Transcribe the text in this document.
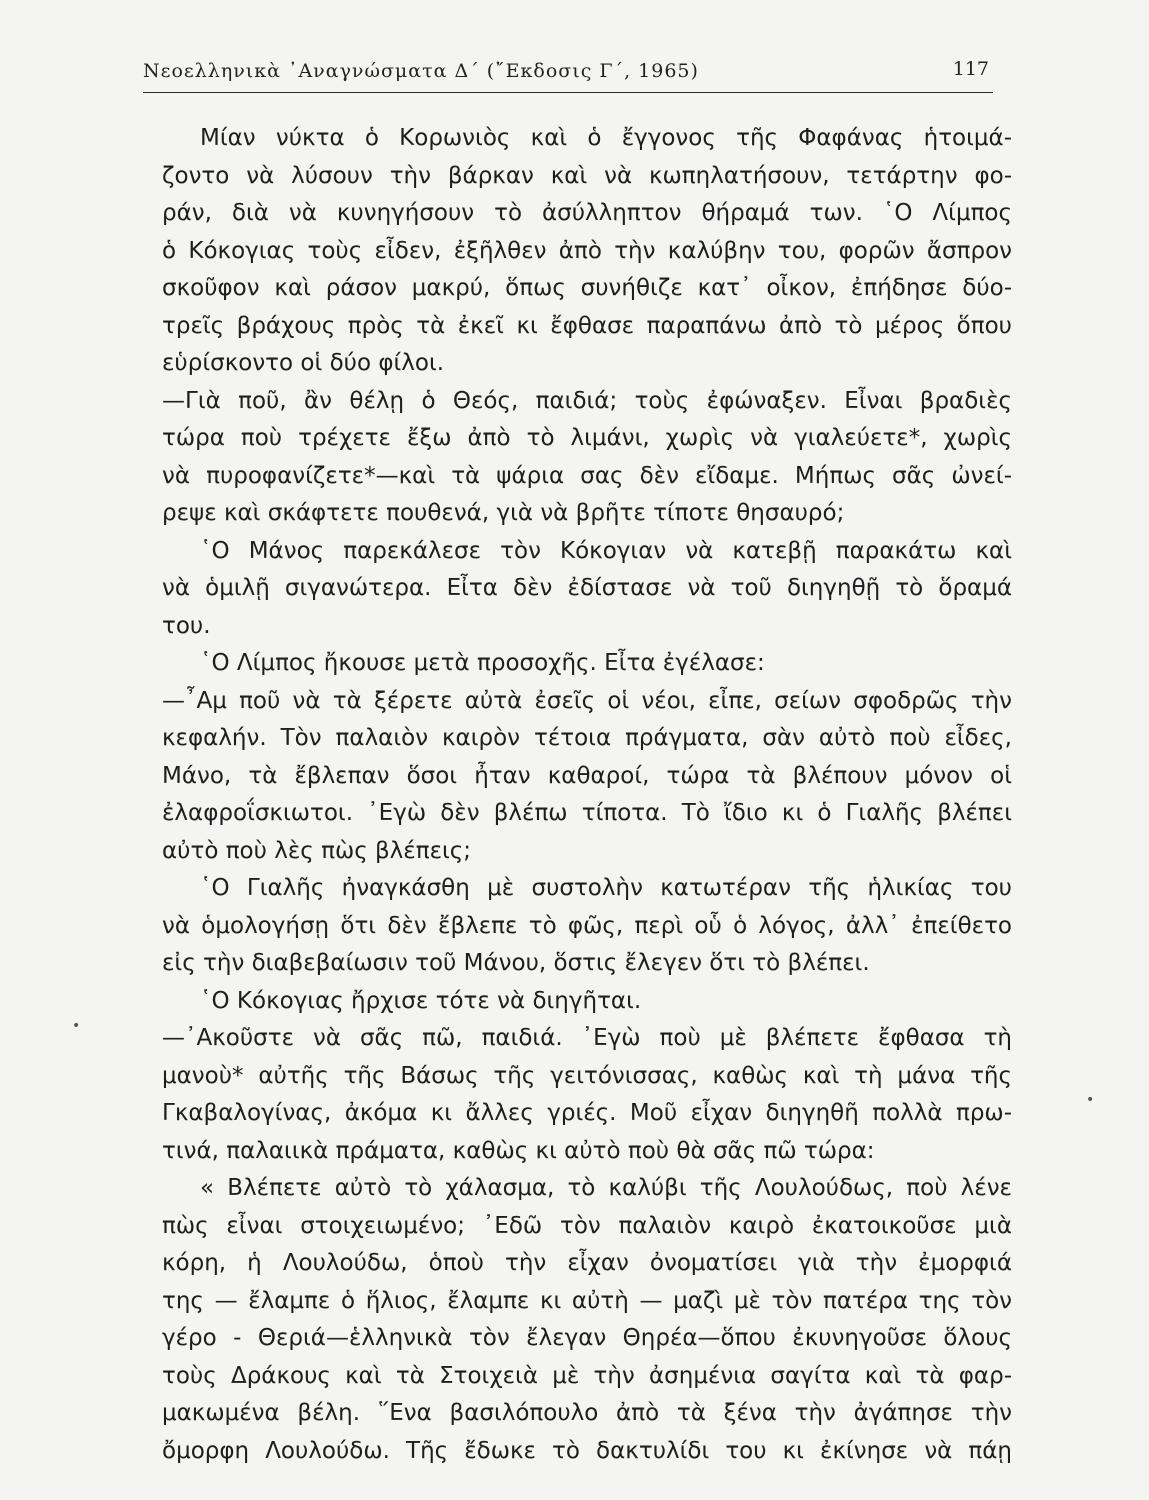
Νεοελληνικὰ ᾿Αναγνώσματα Δ΄ (῎Εκδοσις Γ΄, 1965)	117
Μίαν νύκτα ὁ Κορωνιὸς καὶ ὁ ἔγγονος τῆς Φαφάνας ἡτοιμά-
ζοντο νὰ λύσουν τὴν βάρκαν καὶ νὰ κωπηλατήσουν, τετάρτην φο-
ράν, διὰ νὰ κυνηγήσουν τὸ ἀσύλληπτον θήραμά των. ῾Ο Λίμπος
ὁ Κόκογιας τοὺς εἶδεν, ἐξῆλθεν ἀπὸ τὴν καλύβην του, φορῶν ἄσπρον
σκοῦφον καὶ ράσον μακρύ, ὅπως συνήθιζε κατ᾿ οἶκον, ἐπήδησε δύο-
τρεῖς βράχους πρὸς τὰ ἐκεῖ κι ἔφθασε παραπάνω ἀπὸ τὸ μέρος ὅπου
εὑρίσκοντο οἱ δύο φίλοι.
—Γιὰ ποῦ, ἂν θέλῃ ὁ Θεός, παιδιά; τοὺς ἐφώναξεν. Εἶναι βραδιὲς
τώρα ποὺ τρέχετε ἔξω ἀπὸ τὸ λιμάνι, χωρὶς νὰ γιαλεύετε*, χωρὶς
νὰ πυροφανίζετε*—καὶ τὰ ψάρια σας δὲν εἴδαμε. Μήπως σᾶς ὠνεί-
ρεψε καὶ σκάφτετε πουθενά, γιὰ νὰ βρῆτε τίποτε θησαυρό;
῾Ο Μάνος παρεκάλεσε τὸν Κόκογιαν νὰ κατεβῇ παρακάτω καὶ
νὰ ὁμιλῇ σιγανώτερα. Εἶτα δὲν ἐδίστασε νὰ τοῦ διηγηθῇ τὸ ὅραμά
του.
῾Ο Λίμπος ἤκουσε μετὰ προσοχῆς. Εἶτα ἐγέλασε:
—῏Αμ ποῦ νὰ τὰ ξέρετε αὐτὰ ἐσεῖς οἱ νέοι, εἶπε, σείων σφοδρῶς τὴν
κεφαλήν. Τὸν παλαιὸν καιρὸν τέτοια πράγματα, σὰν αὐτὸ ποὺ εἶδες,
Μάνο, τὰ ἔβλεπαν ὅσοι ἦταν καθαροί, τώρα τὰ βλέπουν μόνον οἱ
ἐλαφροΐσκιωτοι. ᾿Εγὼ δὲν βλέπω τίποτα. Τὸ ἴδιο κι ὁ Γιαλῆς βλέπει
αὐτὸ ποὺ λὲς πὼς βλέπεις;
῾Ο Γιαλῆς ἠναγκάσθη μὲ συστολὴν κατωτέραν τῆς ἡλικίας του
νὰ ὁμολογήσῃ ὅτι δὲν ἔβλεπε τὸ φῶς, περὶ οὗ ὁ λόγος, ἀλλ᾿ ἐπείθετο
εἰς τὴν διαβεβαίωσιν τοῦ Μάνου, ὅστις ἔλεγεν ὅτι τὸ βλέπει.
῾Ο Κόκογιας ἤρχισε τότε νὰ διηγῆται.
—᾿Ακοῦστε νὰ σᾶς πῶ, παιδιά. ᾿Εγὼ ποὺ μὲ βλέπετε ἔφθασα τὴ
μανοὺ* αὐτῆς τῆς Βάσως τῆς γειτόνισσας, καθὼς καὶ τὴ μάνα τῆς
Γκαβαλογίνας, ἀκόμα κι ἄλλες γριές. Μοῦ εἶχαν διηγηθῆ πολλὰ πρω-
τινά, παλαιικὰ πράματα, καθὼς κι αὐτὸ ποὺ θὰ σᾶς πῶ τώρα:
« Βλέπετε αὐτὸ τὸ χάλασμα, τὸ καλύβι τῆς Λουλούδως, ποὺ λένε
πὼς εἶναι στοιχειωμένο; ᾿Εδῶ τὸν παλαιὸν καιρὸ ἐκατοικοῦσε μιὰ
κόρη, ἡ Λουλούδω, ὁποὺ τὴν εἶχαν ὀνοματίσει γιὰ τὴν ἐμορφιά
της — ἔλαμπε ὁ ἥλιος, ἔλαμπε κι αὐτὴ — μαζὶ μὲ τὸν πατέρα της τὸν
γέρο - Θεριά—ἑλληνικὰ τὸν ἔλεγαν Θηρέα—ὅπου ἐκυνηγοῦσε ὅλους
τοὺς Δράκους καὶ τὰ Στοιχειὰ μὲ τὴν ἀσημένια σαγίτα καὶ τὰ φαρ-
μακωμένα βέλη. ῞Ενα βασιλόπουλο ἀπὸ τὰ ξένα τὴν ἀγάπησε τὴν
ὄμορφη Λουλούδω. Τῆς ἔδωκε τὸ δακτυλίδι του κι ἐκίνησε νὰ πάῃ
•
•
